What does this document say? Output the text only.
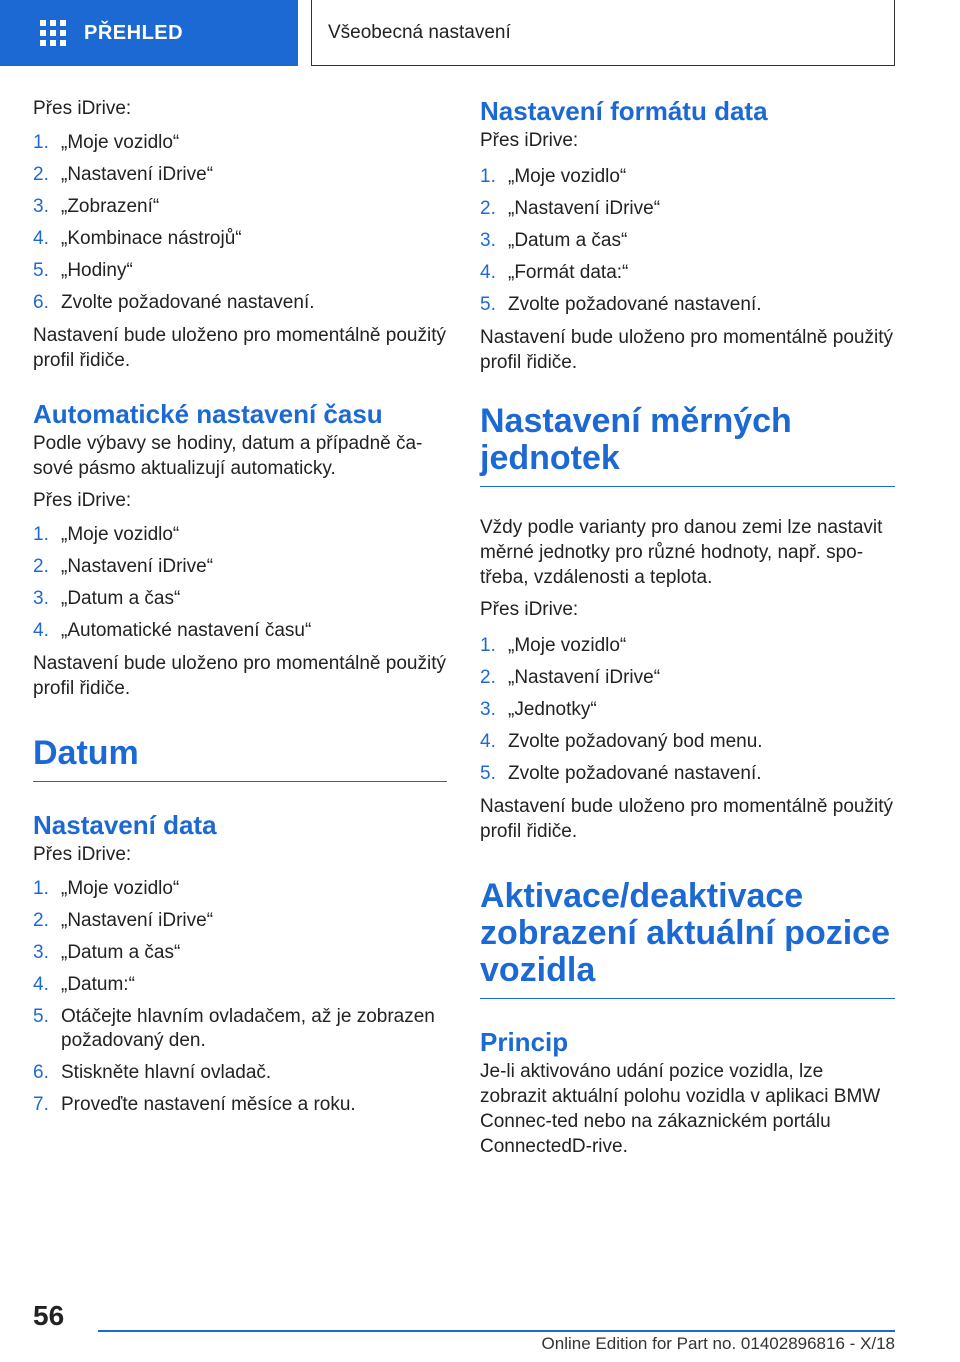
PŘEHLED	Všeobecná nastavení

Přes iDrive:

1. „Moje vozidlo“
2. „Nastavení iDrive“
3. „Zobrazení“
4. „Kombinace nástrojů“
5. „Hodiny“
6. Zvolte požadované nastavení.

Nastavení bude uloženo pro momentálně použitý profil řidiče.

Automatické nastavení času

Podle výbavy se hodiny, datum a případně ča‐sové pásmo aktualizují automaticky.

Přes iDrive:

1. „Moje vozidlo“
2. „Nastavení iDrive“
3. „Datum a čas“
4. „Automatické nastavení času“

Nastavení bude uloženo pro momentálně použitý profil řidiče.

Datum
Nastavení data

Přes iDrive:

1. „Moje vozidlo“
2. „Nastavení iDrive“
3. „Datum a čas“
4. „Datum:“
5. Otáčejte hlavním ovladačem, až je zobrazen požadovaný den.
6. Stiskněte hlavní ovladač.
7. Proveďte nastavení měsíce a roku.
Nastavení formátu data

Přes iDrive:

1. „Moje vozidlo“
2. „Nastavení iDrive“
3. „Datum a čas“
4. „Formát data:“
5. Zvolte požadované nastavení.

Nastavení bude uloženo pro momentálně použitý profil řidiče.

Nastavení měrných jednotek

Vždy podle varianty pro danou zemi lze nastavit měrné jednotky pro různé hodnoty, např. spo‐třeba, vzdálenosti a teplota.

Přes iDrive:

1. „Moje vozidlo“
2. „Nastavení iDrive“
3. „Jednotky“
4. Zvolte požadovaný bod menu.
5. Zvolte požadované nastavení.

Nastavení bude uloženo pro momentálně použitý profil řidiče.

Aktivace/deaktivace zobrazení aktuální pozice vozidla
Princip

Je-li aktivováno udání pozice vozidla, lze zobrazit aktuální polohu vozidla v aplikaci BMW Connec‐ted nebo na zákaznickém portálu ConnectedD‐rive.

56
Online Edition for Part no. 01402896816 - X/18
